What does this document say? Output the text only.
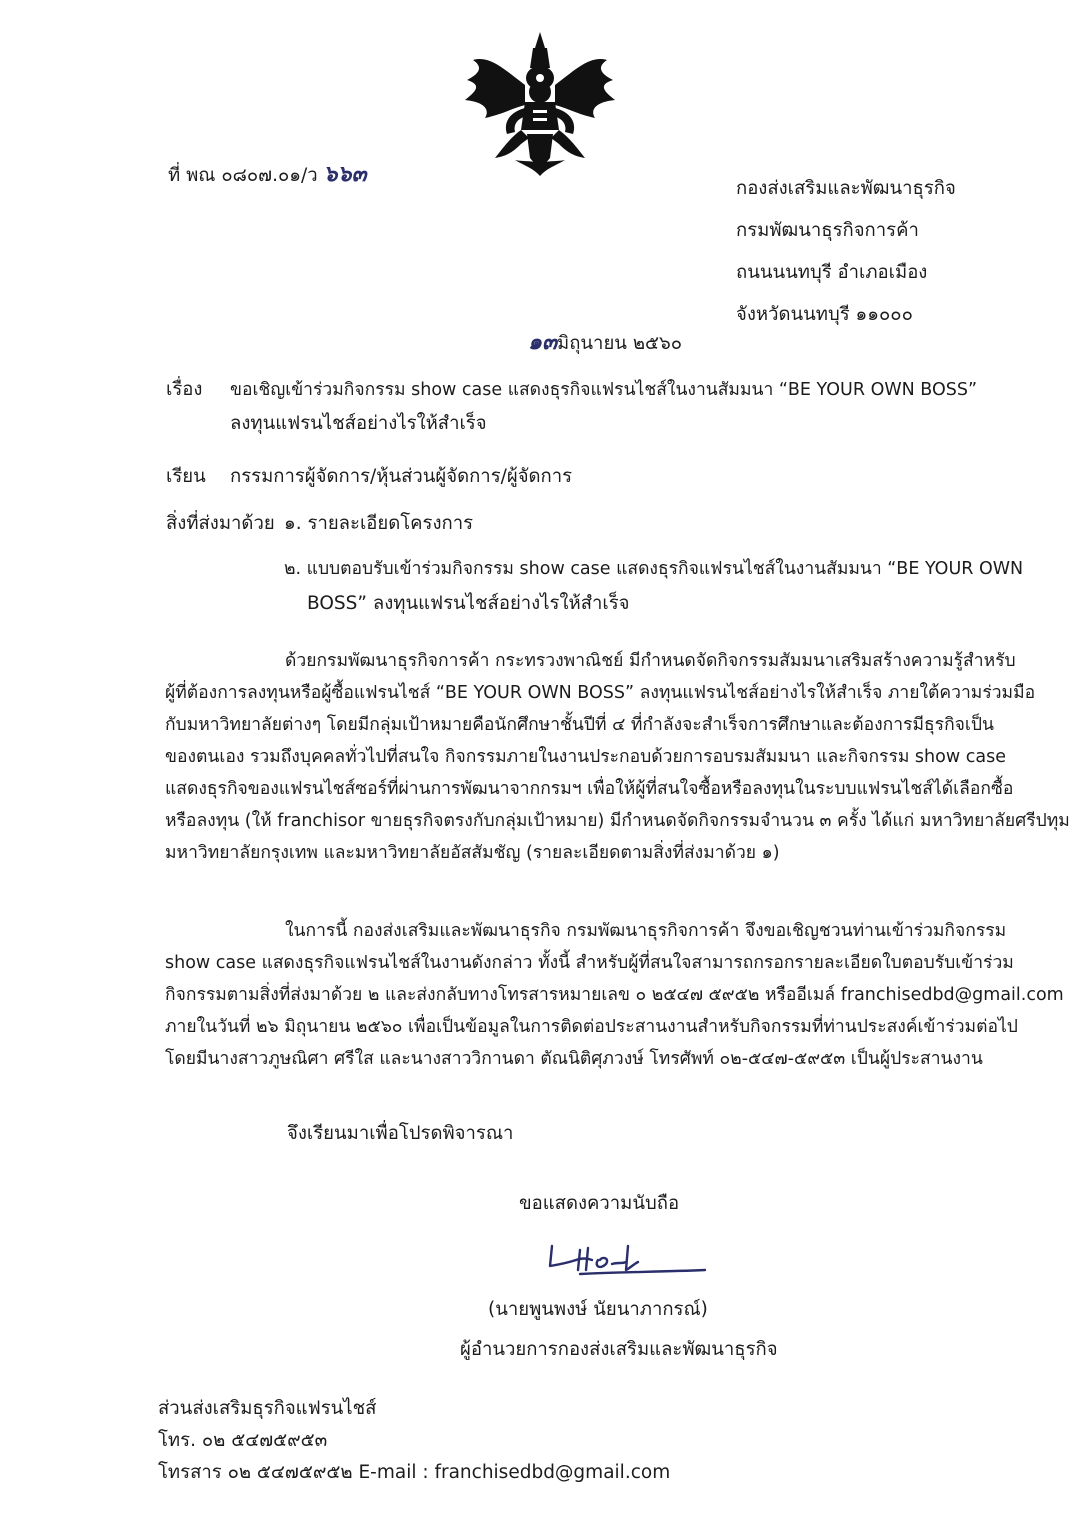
ที่ พณ ๐๘๐๗.๐๑/ว ๖๖๓
กองส่งเสริมและพัฒนาธุรกิจ
กรมพัฒนาธุรกิจการค้า
ถนนนนทบุรี อำเภอเมือง
จังหวัดนนทบุรี ๑๑๐๐๐
๑๓มิถุนายน ๒๕๖๐
เรื่อง ขอเชิญเข้าร่วมกิจกรรม show case แสดงธุรกิจแฟรนไชส์ในงานสัมมนา “BE YOUR OWN BOSS”
ลงทุนแฟรนไชส์อย่างไรให้สำเร็จ
เรียน กรรมการผู้จัดการ/หุ้นส่วนผู้จัดการ/ผู้จัดการ
สิ่งที่ส่งมาด้วย ๑. รายละเอียดโครงการ
๒. แบบตอบรับเข้าร่วมกิจกรรม show case แสดงธุรกิจแฟรนไชส์ในงานสัมมนา “BE YOUR OWN
BOSS” ลงทุนแฟรนไชส์อย่างไรให้สำเร็จ
ด้วยกรมพัฒนาธุรกิจการค้า กระทรวงพาณิชย์ มีกำหนดจัดกิจกรรมสัมมนาเสริมสร้างความรู้สำหรับ
ผู้ที่ต้องการลงทุนหรือผู้ซื้อแฟรนไชส์ “BE YOUR OWN BOSS” ลงทุนแฟรนไชส์อย่างไรให้สำเร็จ ภายใต้ความร่วมมือ
กับมหาวิทยาลัยต่างๆ โดยมีกลุ่มเป้าหมายคือนักศึกษาชั้นปีที่ ๔ ที่กำลังจะสำเร็จการศึกษาและต้องการมีธุรกิจเป็น
ของตนเอง รวมถึงบุคคลทั่วไปที่สนใจ กิจกรรมภายในงานประกอบด้วยการอบรมสัมมนา และกิจกรรม show case
แสดงธุรกิจของแฟรนไชส์ซอร์ที่ผ่านการพัฒนาจากกรมฯ เพื่อให้ผู้ที่สนใจซื้อหรือลงทุนในระบบแฟรนไชส์ได้เลือกซื้อ
หรือลงทุน (ให้ franchisor ขายธุรกิจตรงกับกลุ่มเป้าหมาย) มีกำหนดจัดกิจกรรมจำนวน ๓ ครั้ง ได้แก่ มหาวิทยาลัยศรีปทุม
มหาวิทยาลัยกรุงเทพ และมหาวิทยาลัยอัสสัมชัญ (รายละเอียดตามสิ่งที่ส่งมาด้วย ๑)
ในการนี้ กองส่งเสริมและพัฒนาธุรกิจ กรมพัฒนาธุรกิจการค้า จึงขอเชิญชวนท่านเข้าร่วมกิจกรรม
show case แสดงธุรกิจแฟรนไชส์ในงานดังกล่าว ทั้งนี้ สำหรับผู้ที่สนใจสามารถกรอกรายละเอียดใบตอบรับเข้าร่วม
กิจกรรมตามสิ่งที่ส่งมาด้วย ๒ และส่งกลับทางโทรสารหมายเลข ๐ ๒๕๔๗ ๕๙๕๒ หรืออีเมล์ franchisedbd@gmail.com
ภายในวันที่ ๒๖ มิถุนายน ๒๕๖๐ เพื่อเป็นข้อมูลในการติดต่อประสานงานสำหรับกิจกรรมที่ท่านประสงค์เข้าร่วมต่อไป
โดยมีนางสาวภูษณิศา ศรีใส และนางสาววิกานดา ตัณนิติศุภวงษ์ โทรศัพท์ ๐๒-๕๔๗-๕๙๕๓ เป็นผู้ประสานงาน
จึงเรียนมาเพื่อโปรดพิจารณา
ขอแสดงความนับถือ
(นายพูนพงษ์ นัยนาภากรณ์)
ผู้อำนวยการกองส่งเสริมและพัฒนาธุรกิจ
ส่วนส่งเสริมธุรกิจแฟรนไชส์
โทร. ๐๒ ๕๔๗๕๙๕๓
โทรสาร ๐๒ ๕๔๗๕๙๕๒ E-mail : franchisedbd@gmail.com
